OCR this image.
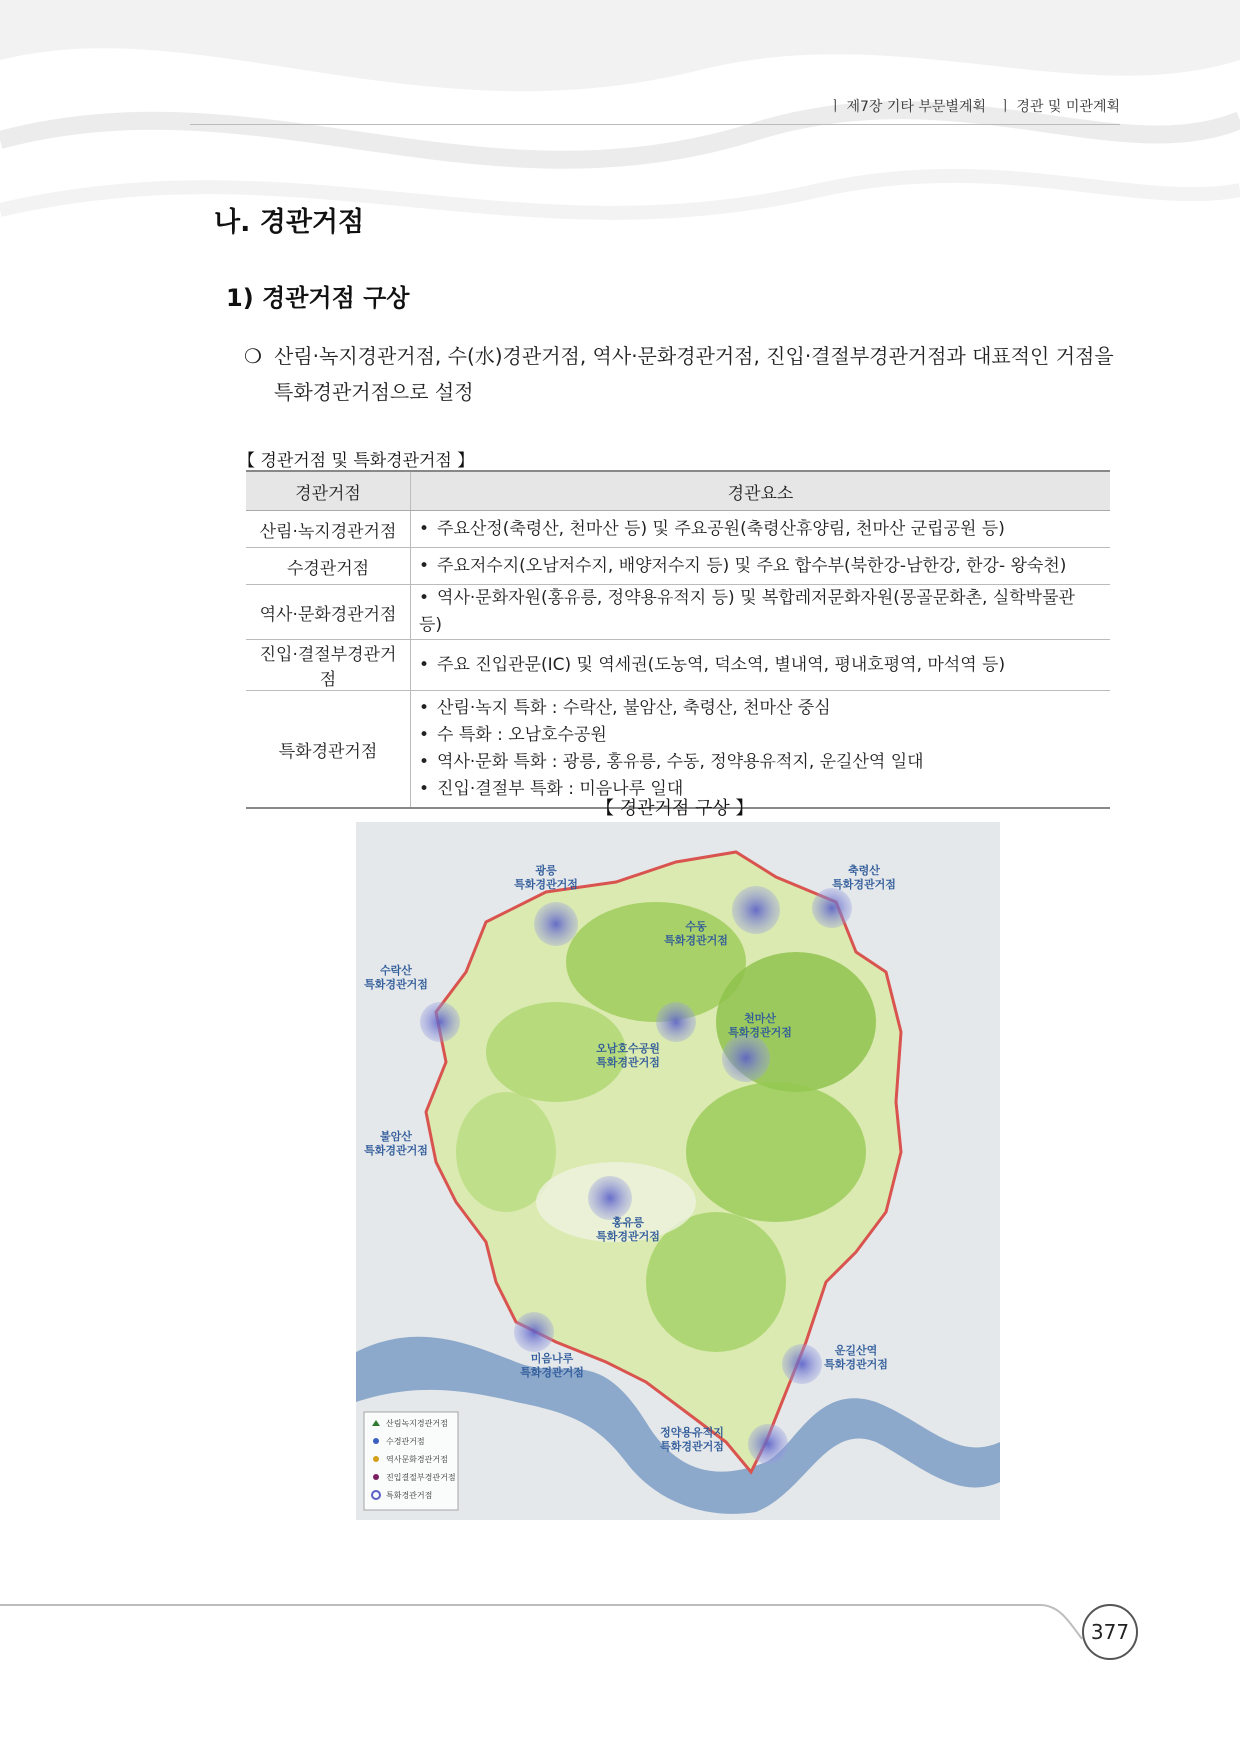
ㅣ 제7장 기타 부문별계획 ㅣ 경관 및 미관계획
나. 경관거점
1) 경관거점 구상
❍ 산림·녹지경관거점, 수(水)경관거점, 역사·문화경관거점, 진입·결절부경관거점과 대표적인 거점을 특화경관거점으로 설정
【 경관거점 및 특화경관거점 】
경관거점	경관요소
산림·녹지경관거점	• 주요산정(축령산, 천마산 등) 및 주요공원(축령산휴양림, 천마산 군립공원 등)

수경관거점	• 주요저수지(오남저수지, 배양저수지 등) 및 주요 합수부(북한강-남한강, 한강- 왕숙천)

역사·문화경관거점	• 역사·문화자원(홍유릉, 정약용유적지 등) 및 복합레저문화자원(몽골문화촌, 실학박물관 등)

진입·결절부경관거점	• 주요 진입관문(IC) 및 역세권(도농역, 덕소역, 별내역, 평내호평역, 마석역 등)

특화경관거점	• 산림·녹지 특화 : 수락산, 불암산, 축령산, 천마산 중심
• 수 특화 : 오남호수공원
• 역사·문화 특화 : 광릉, 홍유릉, 수동, 정약용유적지, 운길산역 일대
• 진입·결절부 특화 : 미음나루 일대
【 경관거점 구상 】
광릉
특화경관거점
축령산
특화경관거점
수동
특화경관거점
수락산
특화경관거점
천마산
특화경관거점
오남호수공원
특화경관거점
불암산
특화경관거점
홍유릉
특화경관거점
미음나루
특화경관거점
운길산역
특화경관거점
정약용유적지
특화경관거점
산림녹지경관거점
수경관거점
역사문화경관거점
진입결절부경관거점
특화경관거점
377
